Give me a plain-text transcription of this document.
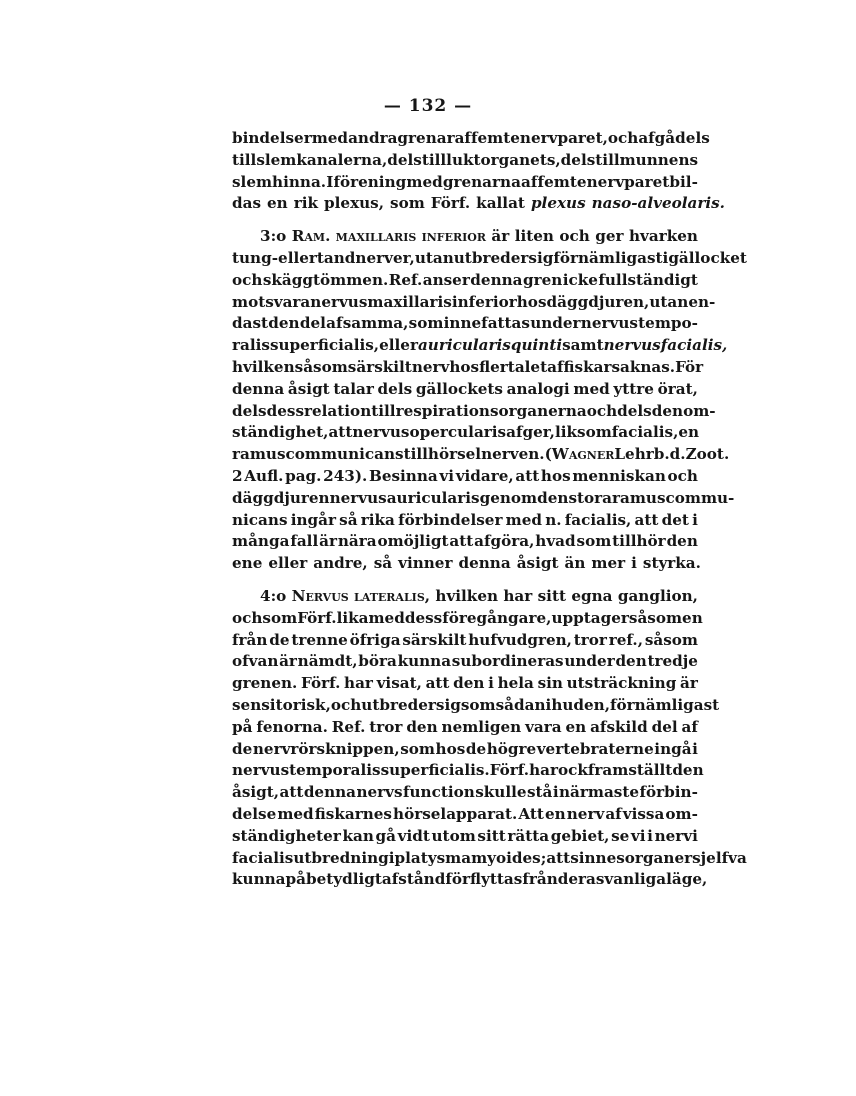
— 132 —
bindelser med andra grenar af femte nervparet, och afgå dels
till slemkanalerna, dels till luktorganets, dels till munnens
slemhinna. I förening med grenarna af femte nervparet bil-
das en rik plexus, som Förf. kallat plexus naso-alveolaris.
3:o Ram. maxillaris inferior är liten och ger hvarken
tung- eller tandnerver, utan utbreder sig förnämligast i gällocket
och skäggtömmen. Ref. anser denna gren icke fullständigt
motsvara nervus maxillaris inferior hos däggdjuren, utan en-
dast den del af samma, som innefattas under nervus tempo-
ralis superficialis, eller auricularis quinti samt nervus facialis,
hvilken såsom särskilt nerv hos flertalet af fiskar saknas. För
denna åsigt talar dels gällockets analogi med yttre örat,
dels dess relation till respirationsorganerna och dels den om-
ständighet, att nervus opercularis afger, liksom facialis, en
ramus communicans till hörselnerven. (Wagner Lehrb. d. Zoot.
2 Aufl. pag. 243). Besinna vi vidare, att hos menniskan och
däggdjuren nervus auricularis genom den stora ramus commu-
nicans ingår så rika förbindelser med n. facialis, att det i
många fall är nära omöjligt att afgöra, hvad som tillhör den
ene eller andre, så vinner denna åsigt än mer i styrka.
4:o Nervus lateralis, hvilken har sitt egna ganglion,
och som Förf. lika med dess föregångare, upptager såsom en
från de trenne öfriga särskilt hufvudgren, tror ref., såsom
ofvan är nämdt, böra kunna subordineras under den tredje
grenen. Förf. har visat, att den i hela sin utsträckning är
sensitorisk, och utbreder sig som sådan i huden, förnämligast
på fenorna. Ref. tror den nemligen vara en afskild del af
de nervrörsknippen, som hos de högre vertebraterne ingå i
nervus temporalis superficialis. Förf. har ock framställt den
åsigt, att denna nervs function skulle stå i närmaste förbin-
delse med fiskarnes hörselapparat. Att en nerv af vissa om-
ständigheter kan gå vidt utom sitt rätta gebiet, se vi i nervi
facialis utbredning i platysma myoides; att sinnesorganer sjelfva
kunna på betydligt afstånd förflyttas från deras vanliga läge,
